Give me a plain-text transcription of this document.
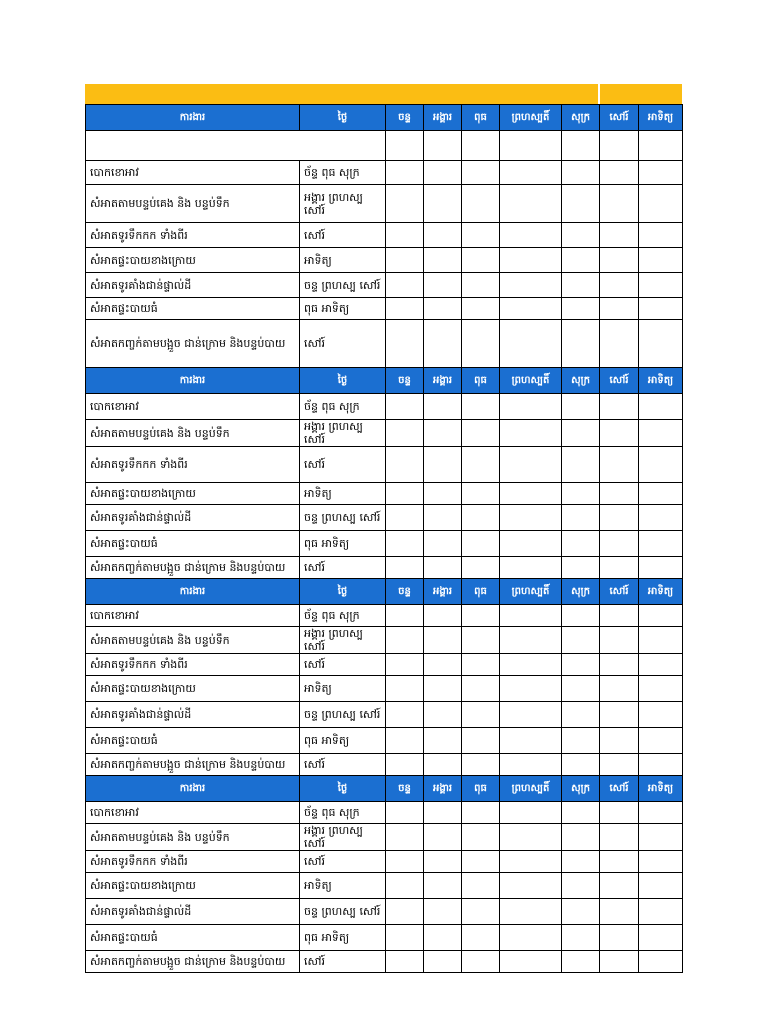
ការងារ	ថ្ងៃ	ចន្ទ	អង្គារ	ពុធ	ព្រហស្បតិ៍	សុក្រ	សៅរ៍	អាទិត្យ

បោកខោអាវ	ច័ន្ទ ពុធ សុក្រ							
សំអាតតាមបន្ទប់គេង និង បន្ទប់ទឹក	អង្គារ ព្រហស្ប សៅរ៍							
សំអាតទូរទឹកកក ទាំងពីរ	សៅរ៍							
សំអាតផ្ទះបាយខាងក្រោយ	អាទិត្យ							
សំអាតទូរគាំងជាន់ផ្ទាល់ដី	ចន្ទ ព្រហស្ប សៅរ៍							
សំអាតផ្ទះបាយធំ	ពុធ អាទិត្យ							
សំអាតកញ្ចក់តាមបង្អួច ជាន់ក្រោម និងបន្ទប់បាយ	សៅរ៍							
ការងារ	ថ្ងៃ	ចន្ទ	អង្គារ	ពុធ	ព្រហស្បតិ៍	សុក្រ	សៅរ៍	អាទិត្យ
បោកខោអាវ	ច័ន្ទ ពុធ សុក្រ							
សំអាតតាមបន្ទប់គេង និង បន្ទប់ទឹក	អង្គារ ព្រហស្ប សៅរ៍							
សំអាតទូរទឹកកក ទាំងពីរ	សៅរ៍							
សំអាតផ្ទះបាយខាងក្រោយ	អាទិត្យ							
សំអាតទូរគាំងជាន់ផ្ទាល់ដី	ចន្ទ ព្រហស្ប សៅរ៍							
សំអាតផ្ទះបាយធំ	ពុធ អាទិត្យ							
សំអាតកញ្ចក់តាមបង្អួច ជាន់ក្រោម និងបន្ទប់បាយ	សៅរ៍							
ការងារ	ថ្ងៃ	ចន្ទ	អង្គារ	ពុធ	ព្រហស្បតិ៍	សុក្រ	សៅរ៍	អាទិត្យ
បោកខោអាវ	ច័ន្ទ ពុធ សុក្រ							
សំអាតតាមបន្ទប់គេង និង បន្ទប់ទឹក	អង្គារ ព្រហស្ប សៅរ៍							
សំអាតទូរទឹកកក ទាំងពីរ	សៅរ៍							
សំអាតផ្ទះបាយខាងក្រោយ	អាទិត្យ							
សំអាតទូរគាំងជាន់ផ្ទាល់ដី	ចន្ទ ព្រហស្ប សៅរ៍							
សំអាតផ្ទះបាយធំ	ពុធ អាទិត្យ							
សំអាតកញ្ចក់តាមបង្អួច ជាន់ក្រោម និងបន្ទប់បាយ	សៅរ៍							
ការងារ	ថ្ងៃ	ចន្ទ	អង្គារ	ពុធ	ព្រហស្បតិ៍	សុក្រ	សៅរ៍	អាទិត្យ
បោកខោអាវ	ច័ន្ទ ពុធ សុក្រ							
សំអាតតាមបន្ទប់គេង និង បន្ទប់ទឹក	អង្គារ ព្រហស្ប សៅរ៍							
សំអាតទូរទឹកកក ទាំងពីរ	សៅរ៍							
សំអាតផ្ទះបាយខាងក្រោយ	អាទិត្យ							
សំអាតទូរគាំងជាន់ផ្ទាល់ដី	ចន្ទ ព្រហស្ប សៅរ៍							
សំអាតផ្ទះបាយធំ	ពុធ អាទិត្យ							
សំអាតកញ្ចក់តាមបង្អួច ជាន់ក្រោម និងបន្ទប់បាយ	សៅរ៍							
